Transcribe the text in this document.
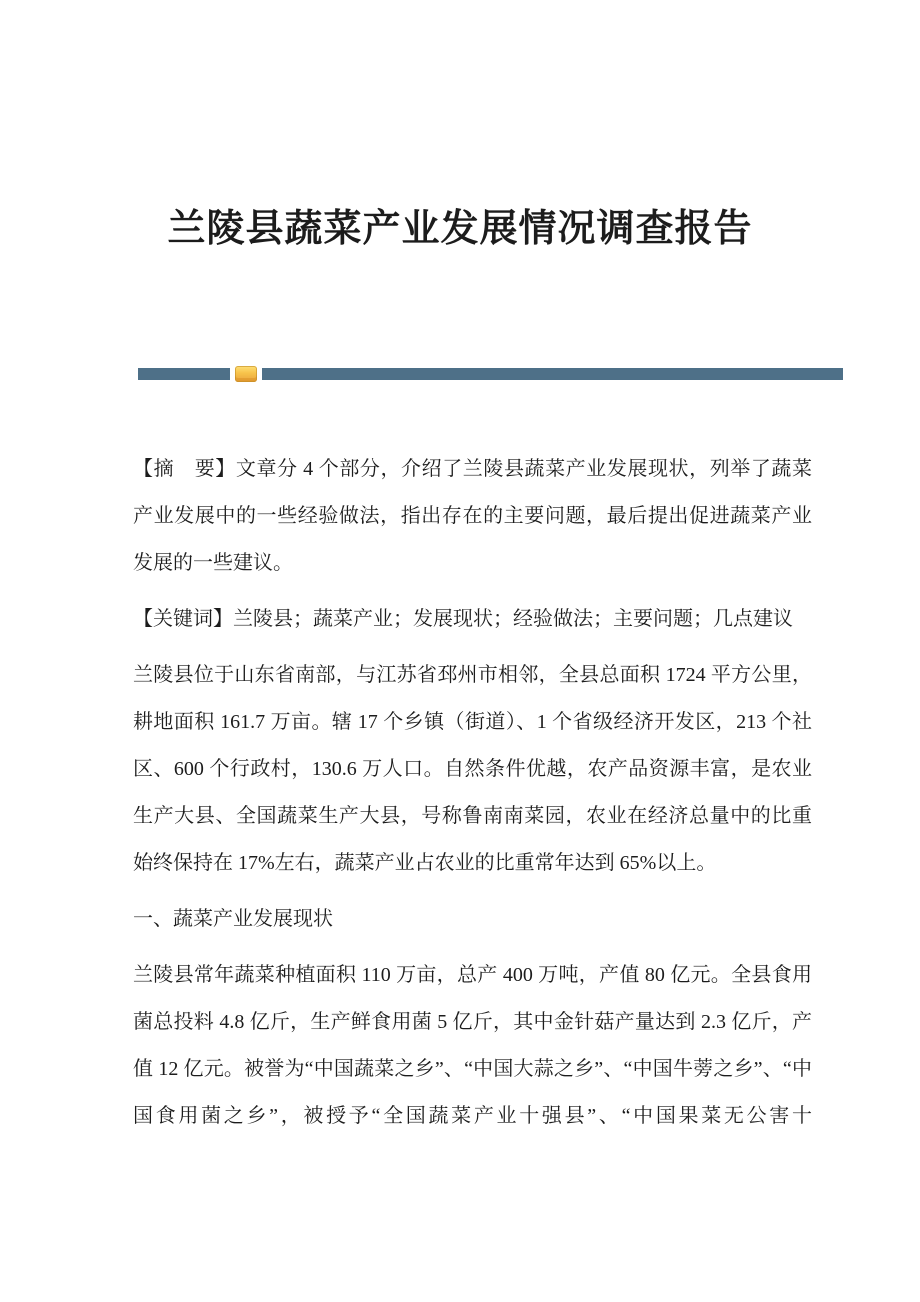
兰陵县蔬菜产业发展情况调查报告

【摘　要】文章分 4 个部分，介绍了兰陵县蔬菜产业发展现状，列举了蔬菜产业发展中的一些经验做法，指出存在的主要问题，最后提出促进蔬菜产业发展的一些建议。

【关键词】兰陵县；蔬菜产业；发展现状；经验做法；主要问题；几点建议

兰陵县位于山东省南部，与江苏省邳州市相邻，全县总面积 1724 平方公里，耕地面积 161.7 万亩。辖 17 个乡镇（街道）、1 个省级经济开发区，213 个社区、600 个行政村，130.6 万人口。自然条件优越，农产品资源丰富，是农业生产大县、全国蔬菜生产大县，号称鲁南南菜园，农业在经济总量中的比重始终保持在 17%左右，蔬菜产业占农业的比重常年达到 65%以上。

一、蔬菜产业发展现状

兰陵县常年蔬菜种植面积 110 万亩，总产 400 万吨，产值 80 亿元。全县食用菌总投料 4.8 亿斤，生产鲜食用菌 5 亿斤，其中金针菇产量达到 2.3 亿斤，产值 12 亿元。被誉为“中国蔬菜之乡”、“中国大蒜之乡”、“中国牛蒡之乡”、“中国食用菌之乡”，被授予“全国蔬菜产业十强县”、“中国果菜无公害十
